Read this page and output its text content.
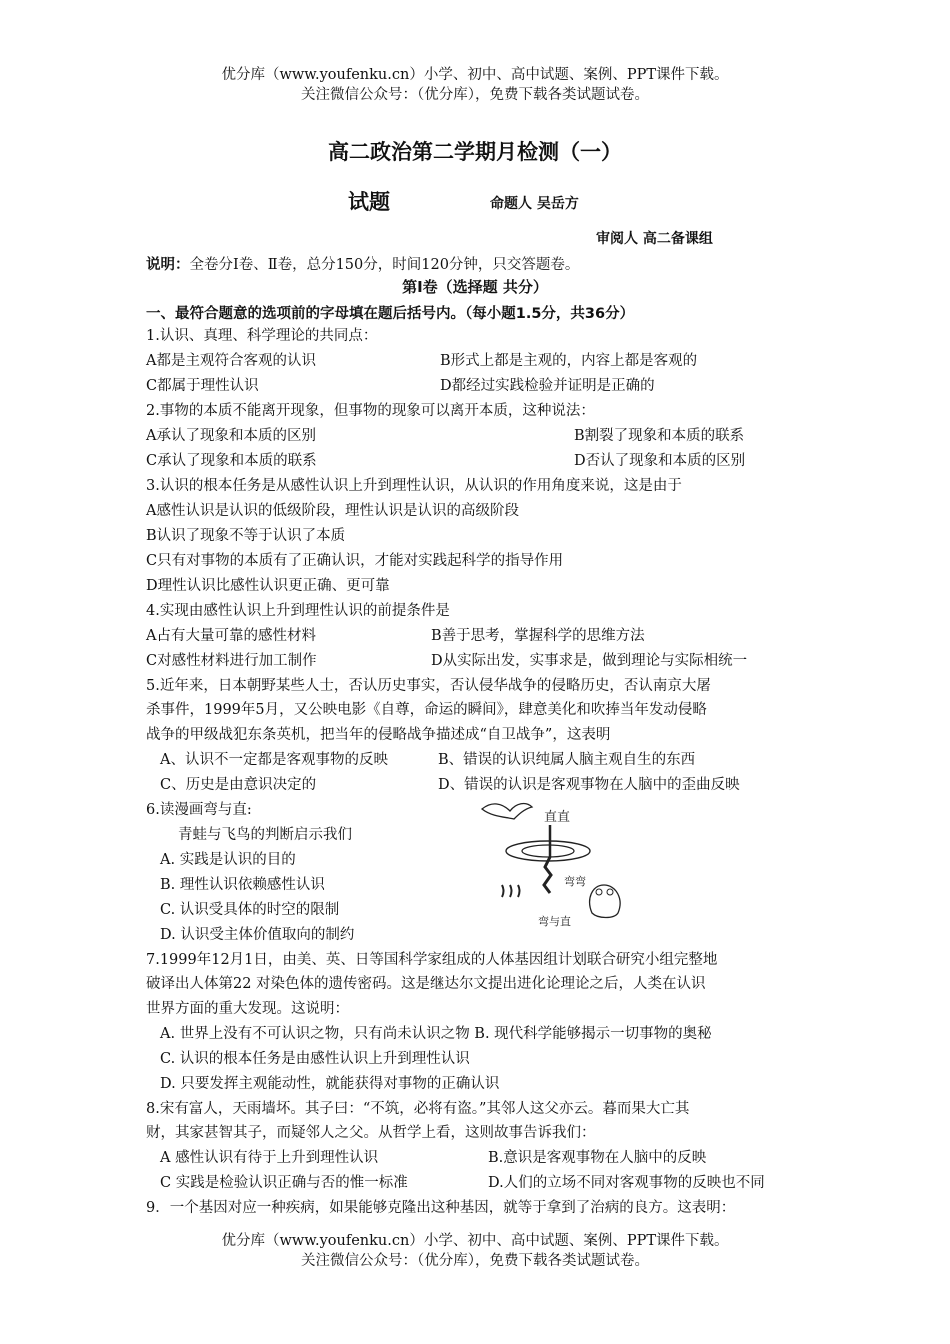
优分库（www.youfenku.cn）小学、初中、高中试题、案例、PPT课件下载。
关注微信公众号：（优分库），免费下载各类试题试卷。
高二政治第二学期月检测（一）
试题	命题人 吴岳方
审阅人 高二备课组
说明：全卷分Ⅰ卷、Ⅱ卷，总分150分，时间120分钟，只交答题卷。
第Ⅰ卷（选择题 共分）
一、最符合题意的选项前的字母填在题后括号内。（每小题1.5分，共36分）
1.认识、真理、科学理论的共同点：
A都是主观符合客观的认识	B形式上都是主观的，内容上都是客观的
C都属于理性认识	D都经过实践检验并证明是正确的
2.事物的本质不能离开现象，但事物的现象可以离开本质，这种说法：
A承认了现象和本质的区别	B割裂了现象和本质的联系
C承认了现象和本质的联系	D否认了现象和本质的区别
3.认识的根本任务是从感性认识上升到理性认识，从认识的作用角度来说，这是由于
A感性认识是认识的低级阶段，理性认识是认识的高级阶段
B认识了现象不等于认识了本质
C只有对事物的本质有了正确认识，才能对实践起科学的指导作用
D理性认识比感性认识更正确、更可靠
4.实现由感性认识上升到理性认识的前提条件是
A占有大量可靠的感性材料	B善于思考，掌握科学的思维方法
C对感性材料进行加工制作	D从实际出发，实事求是，做到理论与实际相统一
5.近年来，日本朝野某些人士，否认历史事实，否认侵华战争的侵略历史，否认南京大屠
杀事件，1999年5月，又公映电影《自尊，命运的瞬间》，肆意美化和吹捧当年发动侵略
战争的甲级战犯东条英机，把当年的侵略战争描述成“自卫战争”，这表明
A、认识不一定都是客观事物的反映	B、错误的认识纯属人脑主观自生的东西
C、历史是由意识决定的	D、错误的认识是客观事物在人脑中的歪曲反映
6.读漫画弯与直:
青蛙与飞鸟的判断启示我们
A. 实践是认识的目的
B. 理性认识依赖感性认识
C. 认识受具体的时空的限制
D. 认识受主体价值取向的制约
直直
弯弯
弯与直
7.1999年12月1日，由美、英、日等国科学家组成的人体基因组计划联合研究小组完整地
破译出人体第22 对染色体的遗传密码。这是继达尔文提出进化论理论之后，人类在认识
世界方面的重大发现。这说明：
A. 世界上没有不可认识之物，只有尚未认识之物 B. 现代科学能够揭示一切事物的奥秘
C. 认识的根本任务是由感性认识上升到理性认识
D. 只要发挥主观能动性，就能获得对事物的正确认识
8.宋有富人，天雨墙坏。其子曰：“不筑，必将有盗。”其邻人这父亦云。暮而果大亡其
财，其家甚智其子，而疑邻人之父。从哲学上看，这则故事告诉我们：
A 感性认识有待于上升到理性认识	B.意识是客观事物在人脑中的反映
C 实践是检验认识正确与否的惟一标准	D.人们的立场不同对客观事物的反映也不同
9．一个基因对应一种疾病，如果能够克隆出这种基因，就等于拿到了治病的良方。这表明：
优分库（www.youfenku.cn）小学、初中、高中试题、案例、PPT课件下载。
关注微信公众号：（优分库），免费下载各类试题试卷。
